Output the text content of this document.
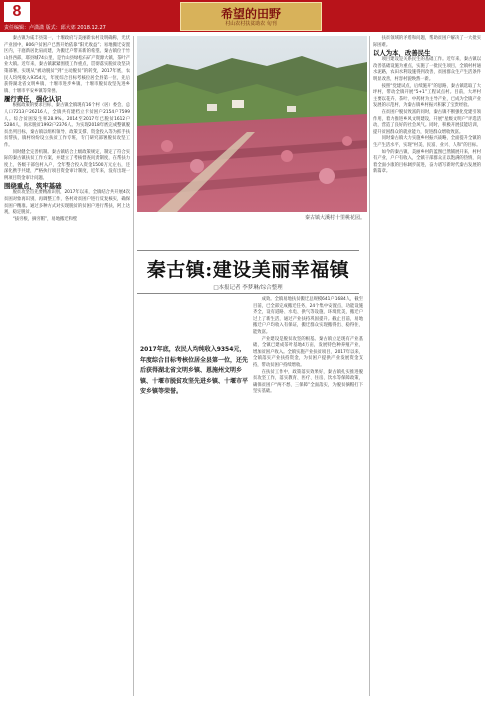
8
责任编辑：卢潇潇 版式：邱大郊 2018.12.27
希望的田野
村山农村扶贫助农 旬刊

秦古镇为咸丰县第一，十堰政府与美丽新农村及明确称，光伏产业园中，806户贫困户已然开始依靠“阳光收益”；易地搬迁安置区内，干庭新居比肩而建，为搬迁户带来新的希望。秦古镇位于竹山县西部，耶县城74公里，是竹山县绿松石矿产资源大镇、茶叶产业大镇。近年来，秦古镇紧紧围绕工作重点，贯彻落实脱贫攻坚决策部署，实现从“被动脱贫”到“主动脱贫”的转变，2017年底，农民人均纯收入9354元，年度综合目标考核位居全县第一位，先后获得湖北省文明乡镇、十堰市进步乡镇、十堰市脱贫攻坚先进乡镇、十堰市平安乡镇等荣誉。

履行责任，强化认识

根据政策的要求目标，秦古镇全镇现有16个村（居）委会，总人口7213户26216人，全镇共有建档立卡贫困户2154户7599人。综合贫困发生率28.9%。2014至2017年已脱贫1612户5284人，尚未脱贫1992户2376人。为实现2018年底完成整镇脱贫出列目标，秦古镇以组织领导、政策支撑、资金投入等为抓手扶贫帮扶，镇村纷纷设立扶贫工作专班，专门研究部署脱贫攻坚工作。

同时健全完善机制。秦古镇结合上级政策规定，制定了符合实际的秦古镇扶贫工作方案，并建立了考核督查问责制度，在帮扶力度上，各级干部包村入户，全年整合投入资金1500万元左右，还深化携手共建，严格执行项目资金审计制度，近年来，没有出现一例项目资金审计问题。

围绕重点，筑牢基础

脱贫攻坚首先要精准识别，2017年以来，全镇结合共开展4次贫困对象再识别，再调整工作，各村对贫困户进行反复核实，确保贫困户精准。通过多种方式对实现脱贫的贫困户进行帮扶，阿上达观，稳定脱贫。

“拔穷根，摘穷帽”，易地搬迁和壁	秦古镇大溪村十里桃花园。
秦古镇:建设美丽幸福镇
□本报记者 李梦琳/综合整理
2017年底，农民人均纯收入9354元，年度综合目标考核位居全县第一位，还先后获得湖北省文明乡镇、恩施州文明乡镇、十堰市脱贫攻坚先进乡镇、十堰市平安乡镇等荣誉。

成效。全镇易地扶贫搬迁总规模641户1684人，截至目前，已全部完成搬迁任务，24个集中安置点，功能设施齐全，设有道路、水电、供气等设施、环境优美，搬迁户过上了新生活，通过产业扶持巩固提升。截止目前，易地搬迁户户均收入有保证，搬迁群众实现搬得出、稳得住、能致富。

产业建设是脱贫攻坚的根基。秦古镇立足现有产业基础，全镇已建成茶叶基地4万亩，发展特色种养殖产业，增加贫困户收入。全镇实施产业扶贫项目，2017年以来，全镇落实产业扶持资金，为贫困户提供产业发展资金支持，带动贫困户持续增收。

在扶贫工作中，政策落实效果好，秦古镇扎实推进脱贫攻坚工作，落实教育、医疗、住房、饮水等保障政策，确保贫困户“两不愁、三保障”全面落实，为脱贫摘帽打下坚实基础。

扶贫领域的矛盾和问题，帮助贫困户解决了一大批实际困难。

以人为本，改善民生

项目建设是关系民生的基础工作。近年来，秦古镇以改善基础设施为重点，实施了一批民生项目，全镇村村通水泥路，农田水利设施得到改善，贫困群众生产生活条件明显改善，村容村貌焕然一新。

按照“党建试点，后续施开”的思路，秦古镇选取了大坪村，带动全镇开展“5+1”工程试点村。目前，大坪村主要以花卉、茶叶、中药材为主导产业，已成为全镇产业发展的示范村，为秦古镇乡村振兴积累了宝贵经验。

在贫困户脱贫致富的同时，秦古镇不断强化党建引领作用，着力推进乡风文明建设，开展“星级文明户”评选活动，营造了良好的社会风气。同时，积极开展技能培训，提升贫困群众的就业能力，促进群众增收致富。

同时秦古镇大力实施乡村振兴战略，全面提升全镇的生产生活水平，实现“村美、民富、业兴、人和”的目标。

如今的秦古镇，美丽乡村的蓝图已然铺展开来，村村有产业，户户有收入，全镇干部群众正以饱满的热情，向着全面小康的目标阔步前进，奋力谱写新时代秦古发展的新篇章。
